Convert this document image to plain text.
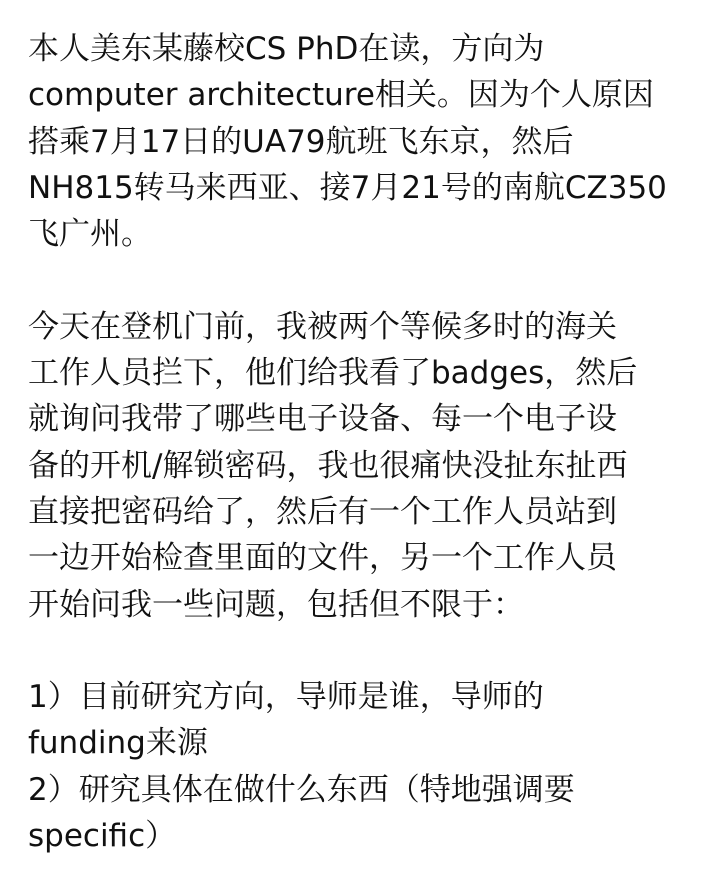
本人美东某藤校CS PhD在读，方向为
computer architecture相关。因为个人原因
搭乘7月17日的UA79航班飞东京，然后
NH815转马来西亚、接7月21号的南航CZ350
飞广州。
今天在登机门前，我被两个等候多时的海关
工作人员拦下，他们给我看了badges，然后
就询问我带了哪些电子设备、每一个电子设
备的开机/解锁密码，我也很痛快没扯东扯西
直接把密码给了，然后有一个工作人员站到
一边开始检查里面的文件，另一个工作人员
开始问我一些问题，包括但不限于：
1）目前研究方向，导师是谁，导师的
funding来源
2）研究具体在做什么东西（特地强调要
specific）
